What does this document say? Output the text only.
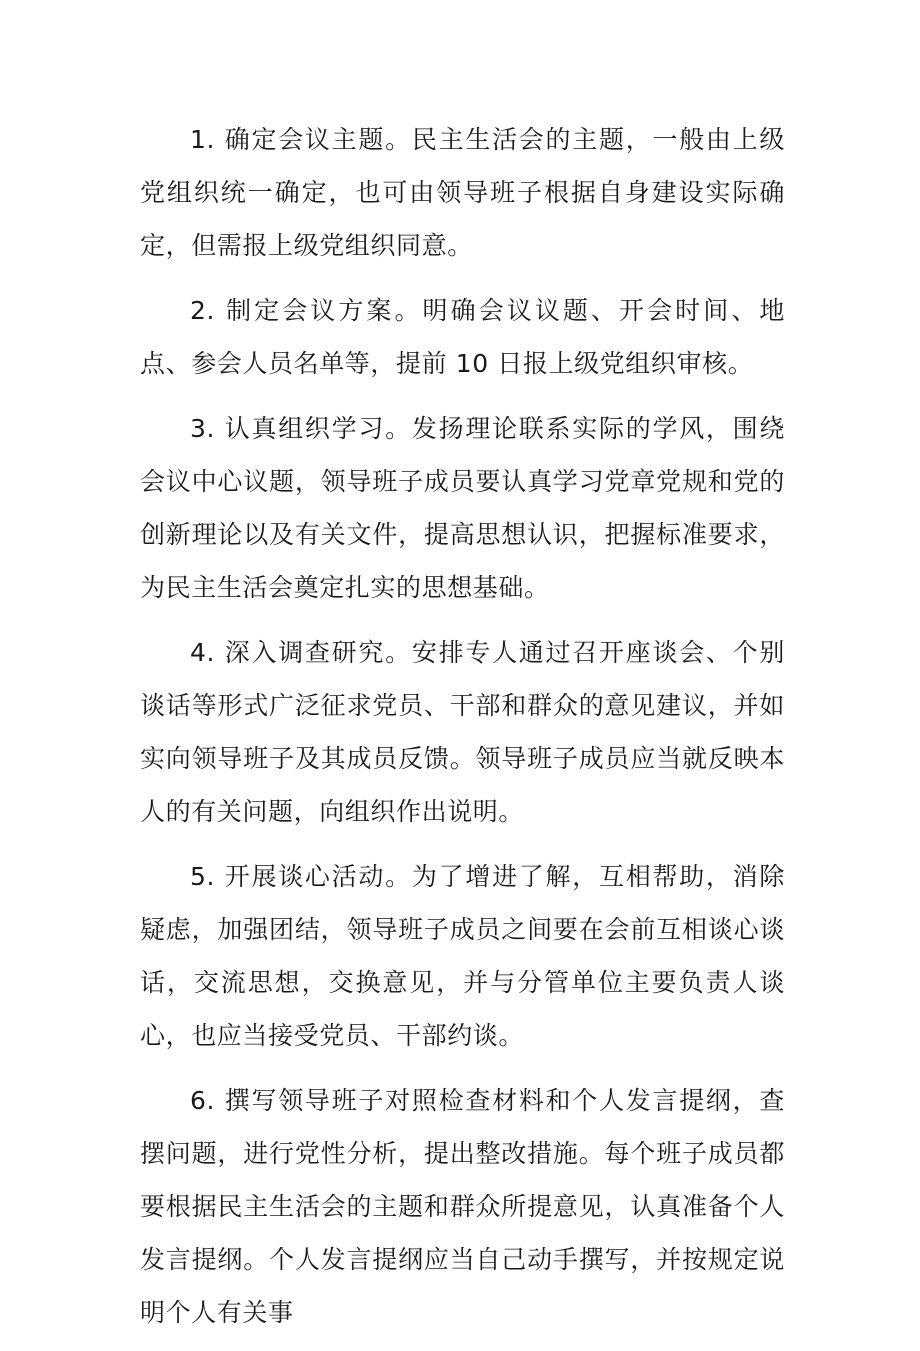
1. 确定会议主题。民主生活会的主题，一般由上级党组织统一确定，也可由领导班子根据自身建设实际确定，但需报上级党组织同意。

2. 制定会议方案。明确会议议题、开会时间、地点、参会人员名单等，提前 10 日报上级党组织审核。

3. 认真组织学习。发扬理论联系实际的学风，围绕会议中心议题，领导班子成员要认真学习党章党规和党的创新理论以及有关文件，提高思想认识，把握标准要求，为民主生活会奠定扎实的思想基础。

4. 深入调查研究。安排专人通过召开座谈会、个别谈话等形式广泛征求党员、干部和群众的意见建议，并如实向领导班子及其成员反馈。领导班子成员应当就反映本人的有关问题，向组织作出说明。

5. 开展谈心活动。为了增进了解，互相帮助，消除疑虑，加强团结，领导班子成员之间要在会前互相谈心谈话，交流思想，交换意见，并与分管单位主要负责人谈心，也应当接受党员、干部约谈。

6. 撰写领导班子对照检查材料和个人发言提纲，查摆问题，进行党性分析，提出整改措施。每个班子成员都要根据民主生活会的主题和群众所提意见，认真准备个人发言提纲。个人发言提纲应当自己动手撰写，并按规定说明个人有关事
